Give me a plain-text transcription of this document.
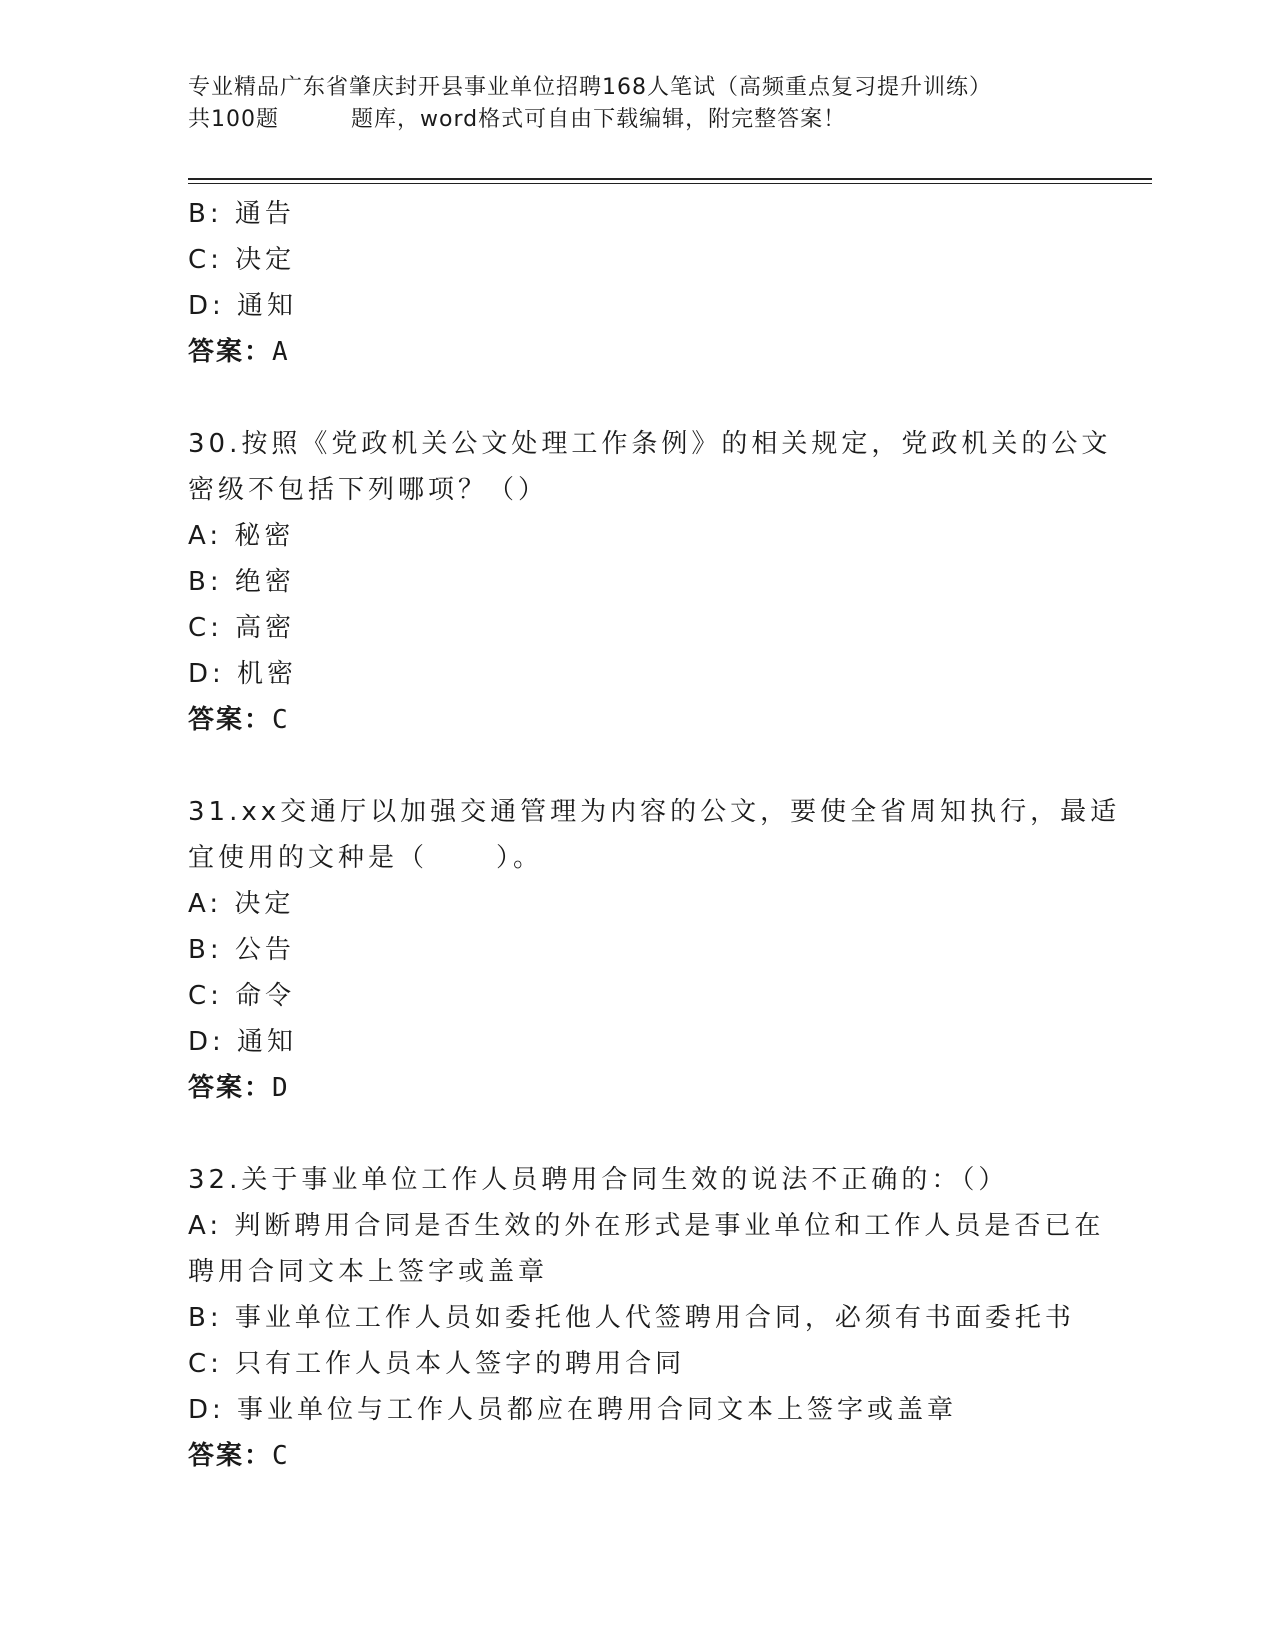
专业精品广东省肇庆封开县事业单位招聘168人笔试（高频重点复习提升训练）
共100题	题库，word格式可自由下载编辑，附完整答案！
B: 通告
C: 决定
D: 通知
答案：A
30.按照《党政机关公文处理工作条例》的相关规定，党政机关的公文
密级不包括下列哪项？（）
A: 秘密
B: 绝密
C: 高密
D: 机密
答案：C
31.xx交通厅以加强交通管理为内容的公文，要使全省周知执行，最适
宜使用的文种是（	）。
A: 决定
B: 公告
C: 命令
D: 通知
答案：D
32.关于事业单位工作人员聘用合同生效的说法不正确的：（）
A: 判断聘用合同是否生效的外在形式是事业单位和工作人员是否已在
聘用合同文本上签字或盖章
B: 事业单位工作人员如委托他人代签聘用合同，必须有书面委托书
C: 只有工作人员本人签字的聘用合同
D: 事业单位与工作人员都应在聘用合同文本上签字或盖章
答案：C
